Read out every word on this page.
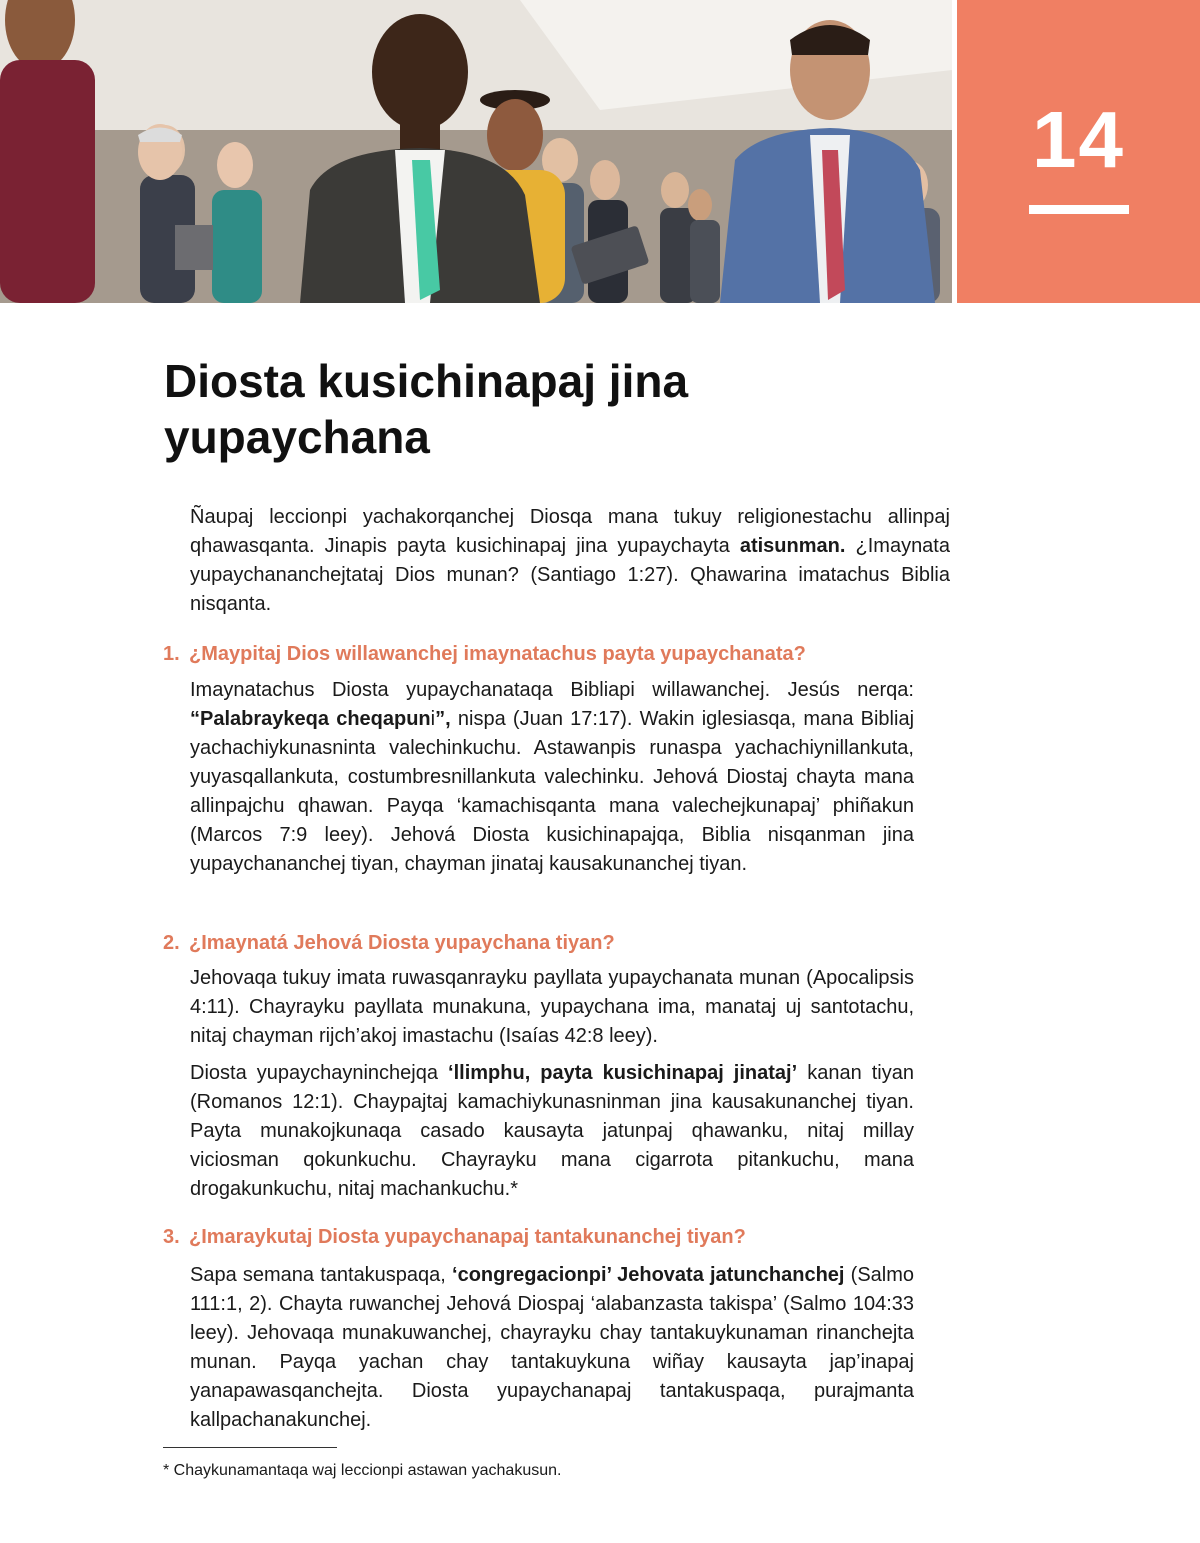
14
Diosta kusichinapaj jina yupaychana

Ñaupaj leccionpi yachakorqanchej Diosqa mana tukuy religionestachu allinpaj qhawasqanta. Jinapis payta kusichinapaj jina yupaychayta atisunman. ¿Imaynata yupaychananchejtataj Dios munan? (Santiago 1:27). Qhawarina imatachus Biblia nisqanta.

1. ¿Maypitaj Dios willawanchej imaynatachus payta yupaychanata?

Imaynatachus Diosta yupaychanataqa Bibliapi willawanchej. Jesús nerqa: “Palabraykeqa cheqapuni”, nispa (Juan 17:17). Wakin iglesiasqa, mana Bibliaj yachachiykunasninta valechinkuchu. Astawanpis runaspa yachachiynillankuta, yuyasqallankuta, costumbresnillankuta valechinku. Jehová Diostaj chayta mana allinpajchu qhawan. Payqa ‘kamachisqanta mana valechejkunapaj’ phiñakun (Marcos 7:9 leey). Jehová Diosta kusichinapajqa, Biblia nisqanman jina yupaychananchej tiyan, chayman jinataj kausakunanchej tiyan.

2. ¿Imaynatá Jehová Diosta yupaychana tiyan?

Jehovaqa tukuy imata ruwasqanrayku payllata yupaychanata munan (Apocalipsis 4:11). Chayrayku payllata munakuna, yupaychana ima, manataj uj santotachu, nitaj chayman rijch’akoj imastachu (Isaías 42:8 leey).

Diosta yupaychayninchejqa ‘llimphu, payta kusichinapaj jinataj’ kanan tiyan (Romanos 12:1). Chaypajtaj kamachiykunasninman jina kausakunanchej tiyan. Payta munakojkunaqa casado kausayta jatunpaj qhawanku, nitaj millay viciosman qokunkuchu. Chayrayku mana cigarrota pitankuchu, mana drogakunkuchu, nitaj machankuchu.*

3. ¿Imaraykutaj Diosta yupaychanapaj tantakunanchej tiyan?

Sapa semana tantakuspaqa, ‘congregacionpi’ Jehovata jatunchanchej (Salmo 111:1, 2). Chayta ruwanchej Jehová Diospaj ‘alabanzasta takispa’ (Salmo 104:33 leey). Jehovaqa munakuwanchej, chayrayku chay tantakuykunaman rinanchejta munan. Payqa yachan chay tantakuykuna wiñay kausayta jap’inapaj yanapawasqanchejta. Diosta yupaychanapaj tantakuspaqa, purajmanta kallpachanakunchej.

* Chaykunamantaqa waj leccionpi astawan yachakusun.
